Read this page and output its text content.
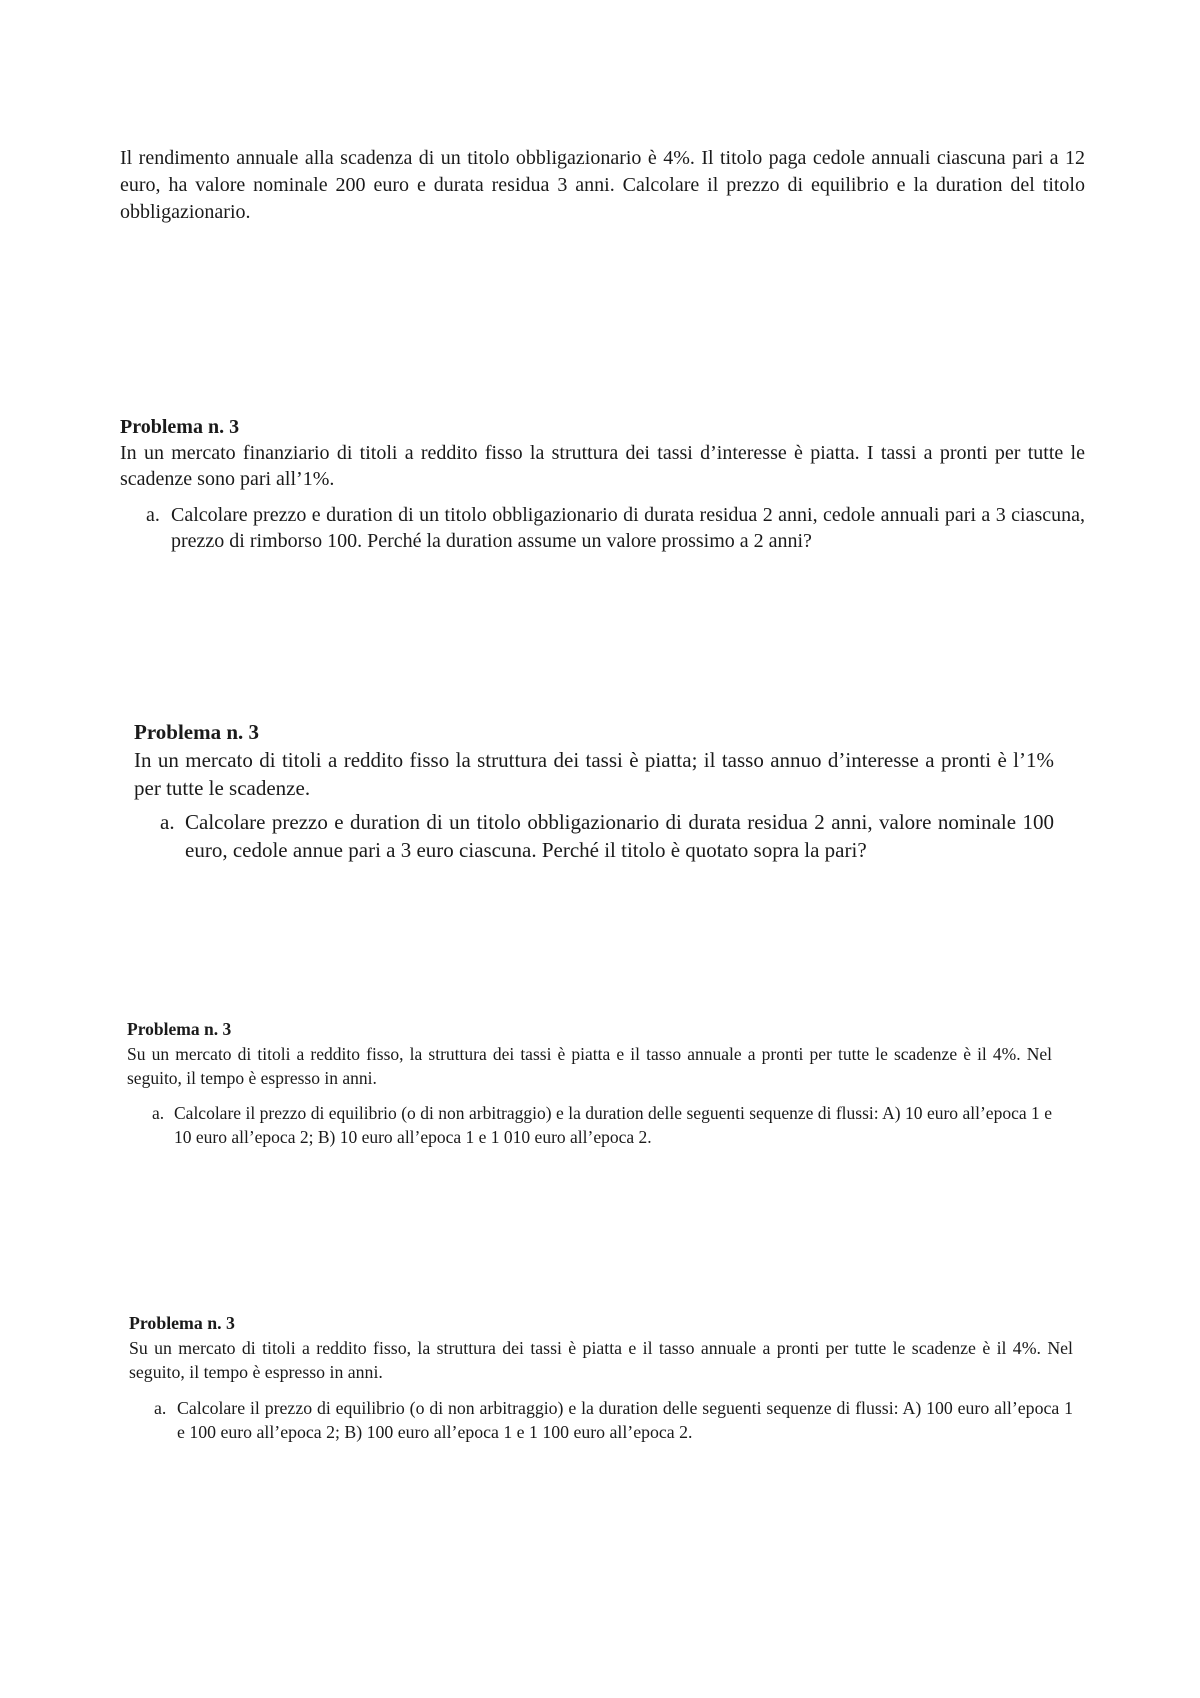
Il rendimento annuale alla scadenza di un titolo obbligazionario è 4%. Il titolo paga cedole annuali ciascuna pari a 12 euro, ha valore nominale 200 euro e durata residua 3 anni. Calcolare il prezzo di equilibrio e la duration del titolo obbligazionario.

Problema n. 3

In un mercato finanziario di titoli a reddito fisso la struttura dei tassi d’interesse è piatta. I tassi a pronti per tutte le scadenze sono pari all’1%.

a. Calcolare prezzo e duration di un titolo obbligazionario di durata residua 2 anni, cedole annuali pari a 3 ciascuna, prezzo di rimborso 100. Perché la duration assume un valore prossimo a 2 anni?

Problema n. 3

In un mercato di titoli a reddito fisso la struttura dei tassi è piatta; il tasso annuo d’interesse a pronti è l’1% per tutte le scadenze.

a. Calcolare prezzo e duration di un titolo obbligazionario di durata residua 2 anni, valore nominale 100 euro, cedole annue pari a 3 euro ciascuna. Perché il titolo è quotato sopra la pari?

Problema n. 3

Su un mercato di titoli a reddito fisso, la struttura dei tassi è piatta e il tasso annuale a pronti per tutte le scadenze è il 4%. Nel seguito, il tempo è espresso in anni.

a. Calcolare il prezzo di equilibrio (o di non arbitraggio) e la duration delle seguenti sequenze di flussi: A) 10 euro all’epoca 1 e 10 euro all’epoca 2; B) 10 euro all’epoca 1 e 1 010 euro all’epoca 2.

Problema n. 3

Su un mercato di titoli a reddito fisso, la struttura dei tassi è piatta e il tasso annuale a pronti per tutte le scadenze è il 4%. Nel seguito, il tempo è espresso in anni.

a. Calcolare il prezzo di equilibrio (o di non arbitraggio) e la duration delle seguenti sequenze di flussi: A) 100 euro all’epoca 1 e 100 euro all’epoca 2; B) 100 euro all’epoca 1 e 1 100 euro all’epoca 2.
